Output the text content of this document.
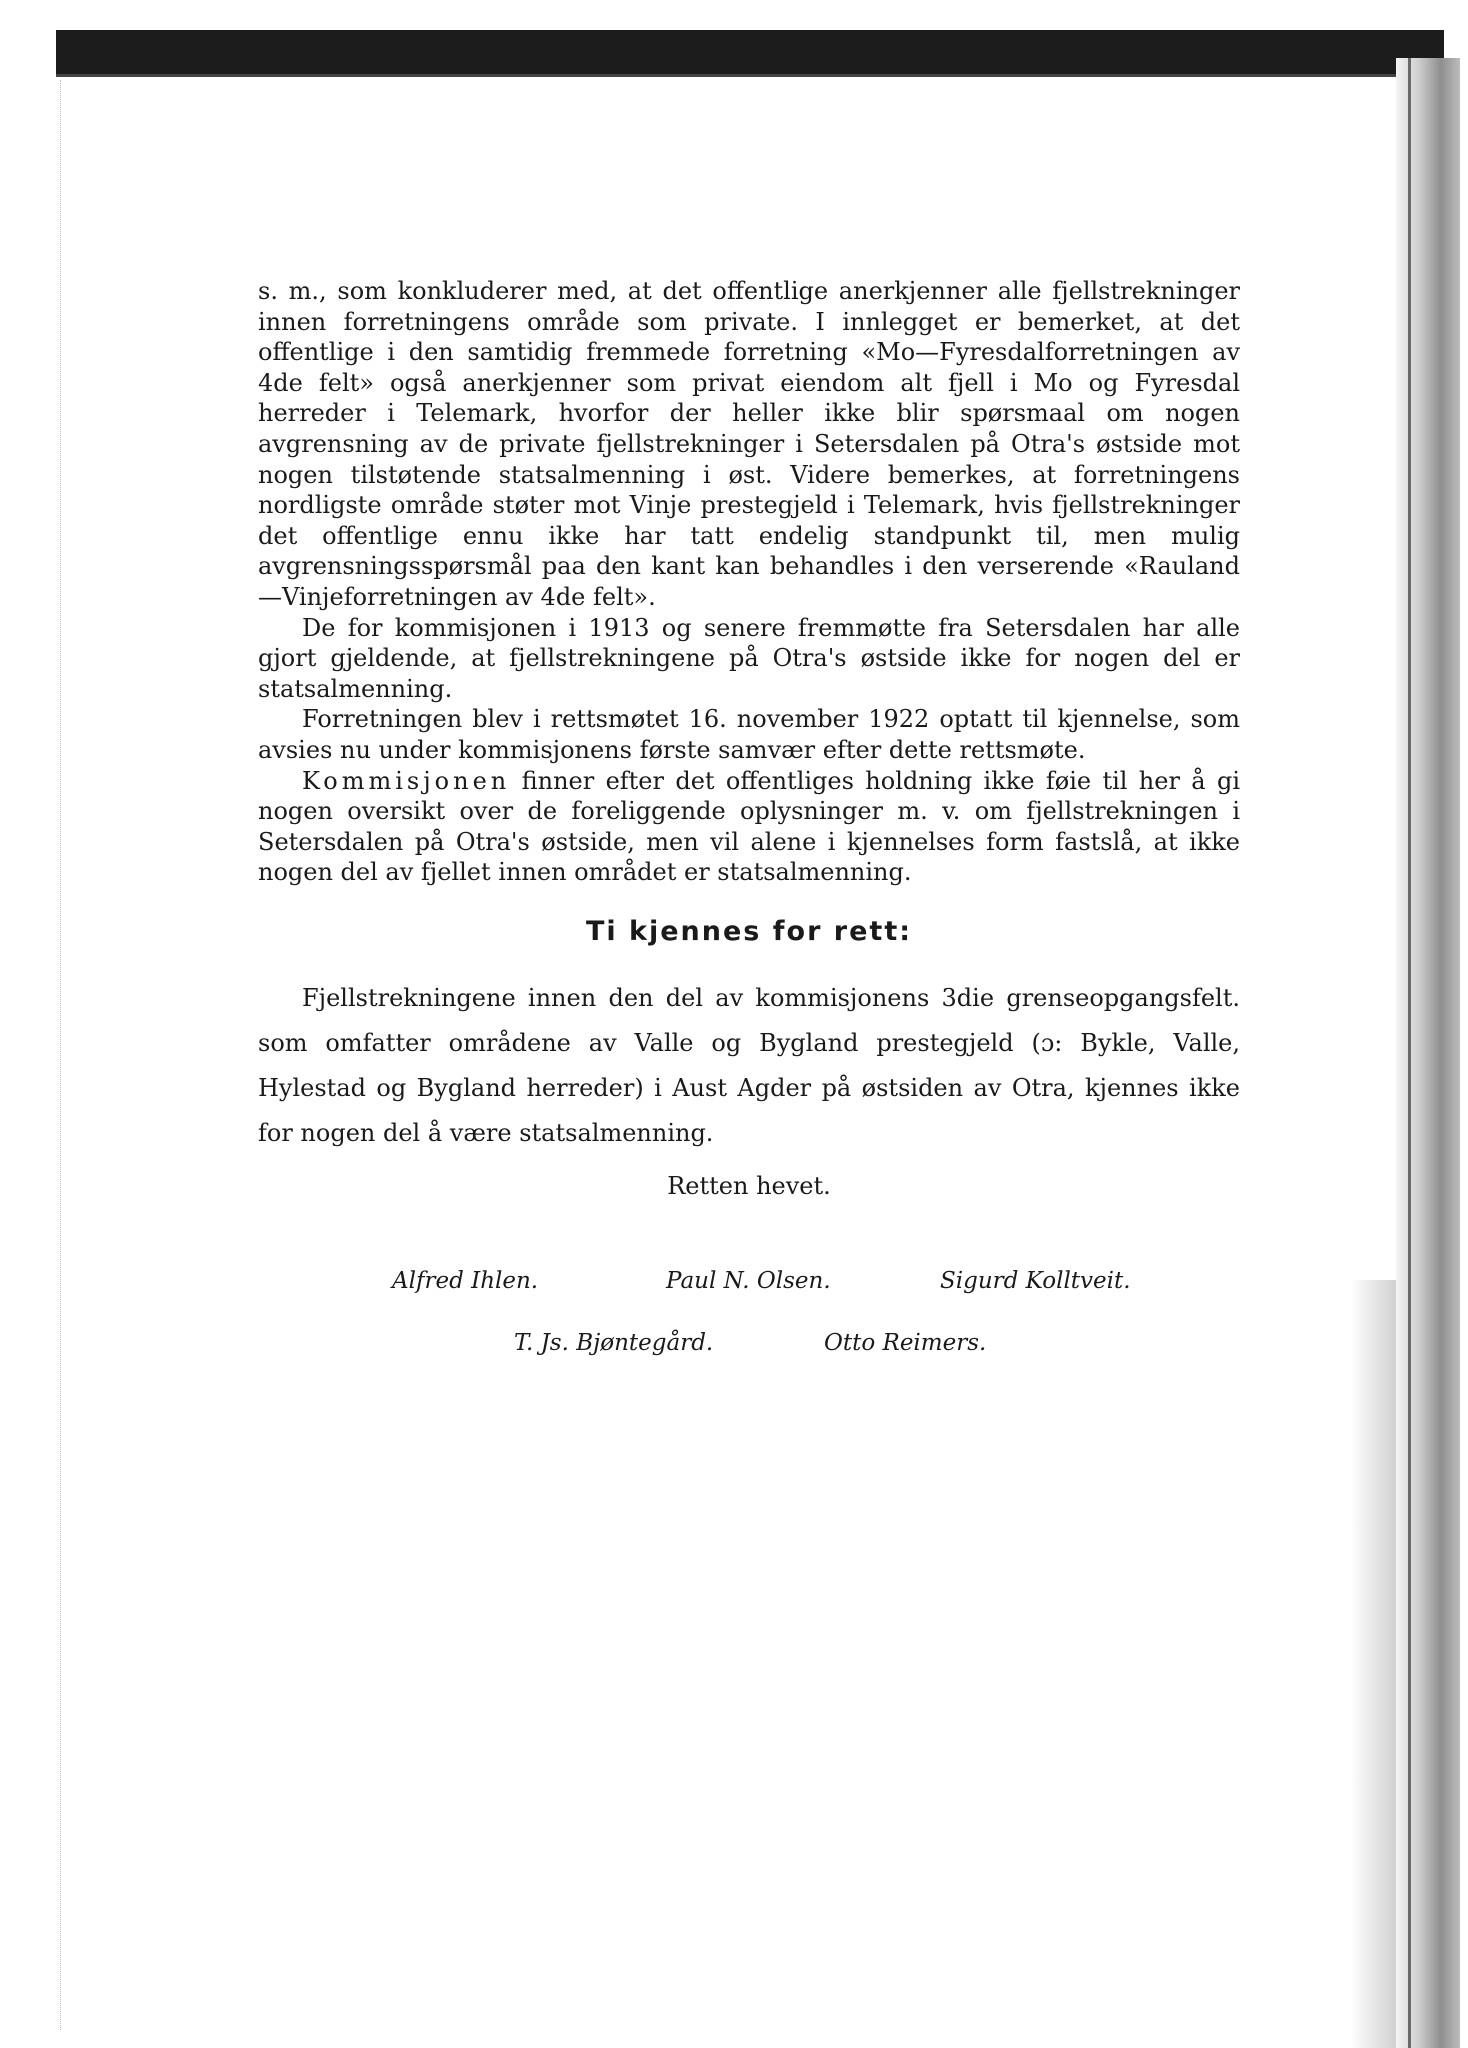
s. m., som konkluderer med, at det offentlige anerkjenner alle fjellstrekninger innen forretningens område som private. I innlegget er bemerket, at det offentlige i den samtidig fremmede forretning «Mo—Fyresdalforretningen av 4de felt» også anerkjenner som privat eiendom alt fjell i Mo og Fyresdal herreder i Telemark, hvorfor der heller ikke blir spørsmaal om nogen avgrensning av de private fjellstrekninger i Setersdalen på Otra's østside mot nogen tilstøtende statsalmenning i øst. Videre bemerkes, at forretningens nordligste område støter mot Vinje prestegjeld i Telemark, hvis fjellstrekninger det offentlige ennu ikke har tatt endelig standpunkt til, men mulig avgrensningsspørsmål paa den kant kan behandles i den verserende «Rauland—Vinjeforretningen av 4de felt».

De for kommisjonen i 1913 og senere fremmøtte fra Setersdalen har alle gjort gjeldende, at fjellstrekningene på Otra's østside ikke for nogen del er statsalmenning.

Forretningen blev i rettsmøtet 16. november 1922 optatt til kjennelse, som avsies nu under kommisjonens første samvær efter dette rettsmøte.

Kommisjonen finner efter det offentliges holdning ikke føie til her å gi nogen oversikt over de foreliggende oplysninger m. v. om fjellstrekningen i Setersdalen på Otra's østside, men vil alene i kjennelses form fastslå, at ikke nogen del av fjellet innen området er statsalmenning.

Ti kjennes for rett:

Fjellstrekningene innen den del av kommisjonens 3die grenseopgangsfelt. som omfatter områdene av Valle og Bygland prestegjeld (ɔ: Bykle, Valle, Hylestad og Bygland herreder) i Aust Agder på østsiden av Otra, kjennes ikke for nogen del å være statsalmenning.

Retten hevet.
Alfred Ihlen.	Paul N. Olsen.	Sigurd Kolltveit.
T. Js. Bjøntegård.	Otto Reimers.
